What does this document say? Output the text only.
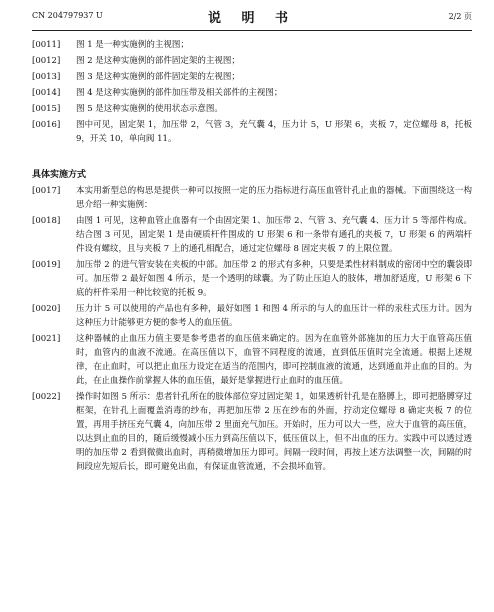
CN 204797937 U	说 明 书	2/2 页
[0011]	图 1 是一种实施例的主视图；
[0012]	图 2 是这种实施例的部件固定架的主视图；
[0013]	图 3 是这种实施例的部件固定架的左视图；
[0014]	图 4 是这种实施例的部件加压带及相关部件的主视图；
[0015]	图 5 是这种实施例的使用状态示意图。
[0016]	图中可见，固定架 1，加压带 2，气管 3，充气囊 4，压力计 5，U 形架 6，夹板 7，定位螺母 8，托板 9，开关 10，单向阀 11。
具体实施方式
[0017]	本实用新型总的构思是提供一种可以按照一定的压力指标进行高压血管针孔止血的器械。下面围绕这一构思介绍一种实施例：
[0018]	由图 1 可见，这种血管止血器有一个由固定架 1、加压带 2、气管 3、充气囊 4、压力计 5 等部件构成。结合图 3 可见，固定架 1 是由硬质杆件围成的 U 形架 6 和一条带有通孔的夹板 7，U 形架 6 的两端杆件设有螺纹，且与夹板 7 上的通孔相配合，通过定位螺母 8 固定夹板 7 的上限位置。
[0019]	加压带 2 的进气管安装在夹板的中部。加压带 2 的形式有多种，只要是柔性材料制成的密闭中空的囊袋即可。加压带 2 最好如图 4 所示，是一个透明的球囊。为了防止压迫人的肢体，增加舒适度，U 形架 6 下底的杆件采用一种比较宽的托板 9。
[0020]	压力计 5 可以使用的产品也有多种，最好如图 1 和图 4 所示的与人的血压计一样的汞柱式压力计。因为这种压力计能够更方便的参考人的血压值。
[0021]	这种器械的止血压力值主要是参考患者的血压值来确定的。因为在血管外部施加的压力大于血管高压值时，血管内的血液不流通。在高压值以下，血管不同程度的流通，直到低压值时完全流通。根据上述规律，在止血时，可以把止血压力设定在适当的范围内，即可控制血液的流通，达到通血并止血的目的。为此，在止血操作前掌握人体的血压值，最好是掌握进行止血时的血压值。
[0022]	操作时如图 5 所示：患者针孔所在的肢体部位穿过固定架 1，如果透析针孔是在胳膊上，即可把胳膊穿过框架，在针孔上面覆盖消毒的纱布，再把加压带 2 压在纱布的外面，拧动定位螺母 8 确定夹板 7 的位置，再用手挤压充气囊 4，向加压带 2 里面充气加压。开始时，压力可以大一些，应大于血管的高压值，以达到止血的目的，随后缓慢减小压力到高压值以下，低压值以上，但不出血的压力。实践中可以透过透明的加压带 2 看到微微出血时，再稍微增加压力即可。间隔一段时间，再按上述方法调整一次，间隔的时间段应先短后长，即可避免出血，有保证血管流通，不会损坏血管。
